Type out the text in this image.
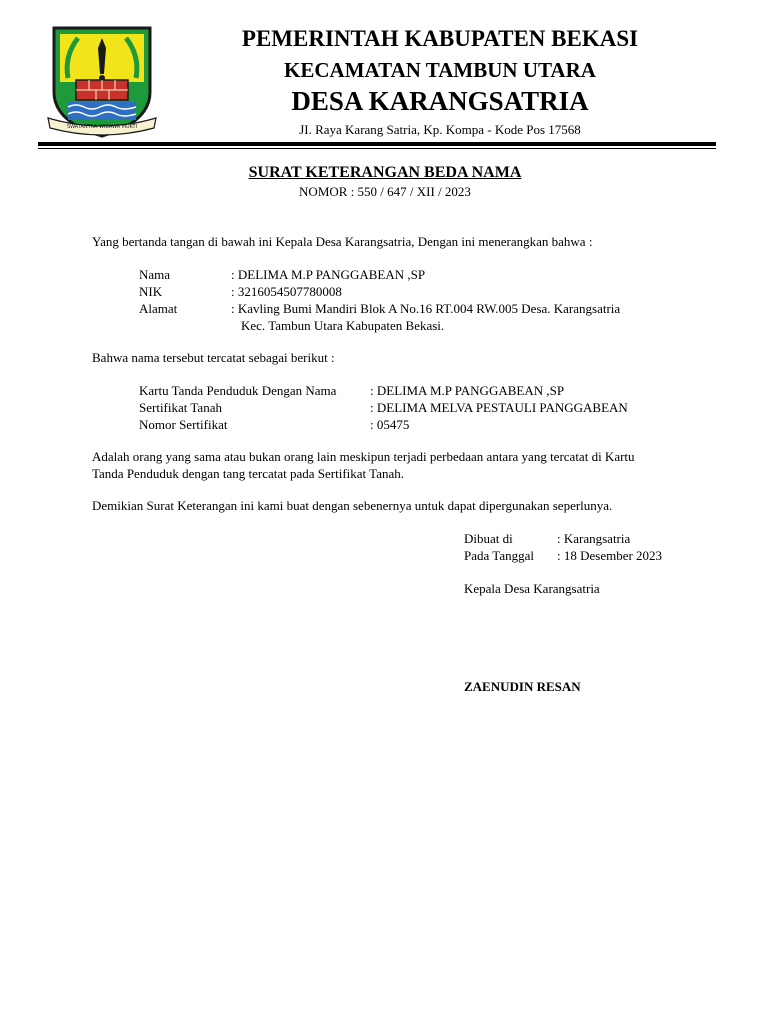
SWATANTRA WIBAWA MUKTI
PEMERINTAH KABUPATEN BEKASI
KECAMATAN TAMBUN UTARA
DESA KARANGSATRIA
JI. Raya Karang Satria, Kp. Kompa - Kode Pos 17568
SURAT KETERANGAN BEDA NAMA
NOMOR : 550 / 647 / XII / 2023
Yang bertanda tangan di bawah ini Kepala Desa Karangsatria, Dengan ini menerangkan bahwa :
Nama	: DELIMA M.P PANGGABEAN ,SP
NIK	: 3216054507780008
Alamat	: Kavling Bumi Mandiri Blok A No.16 RT.004 RW.005 Desa. Karangsatria
Kec. Tambun Utara Kabupaten Bekasi.
Bahwa nama tersebut tercatat sebagai berikut :
Kartu Tanda Penduduk Dengan Nama	: DELIMA M.P PANGGABEAN ,SP
Sertifikat Tanah	: DELIMA MELVA PESTAULI PANGGABEAN
Nomor Sertifikat	: 05475
Adalah orang yang sama atau bukan orang lain meskipun terjadi perbedaan antara yang tercatat di Kartu
Tanda Penduduk dengan tang tercatat pada Sertifikat Tanah.
Demikian Surat Keterangan ini kami buat dengan sebenernya untuk dapat dipergunakan seperlunya.
Dibuat di	: Karangsatria
Pada Tanggal : 18 Desember 2023
Kepala Desa Karangsatria
ZAENUDIN RESAN
